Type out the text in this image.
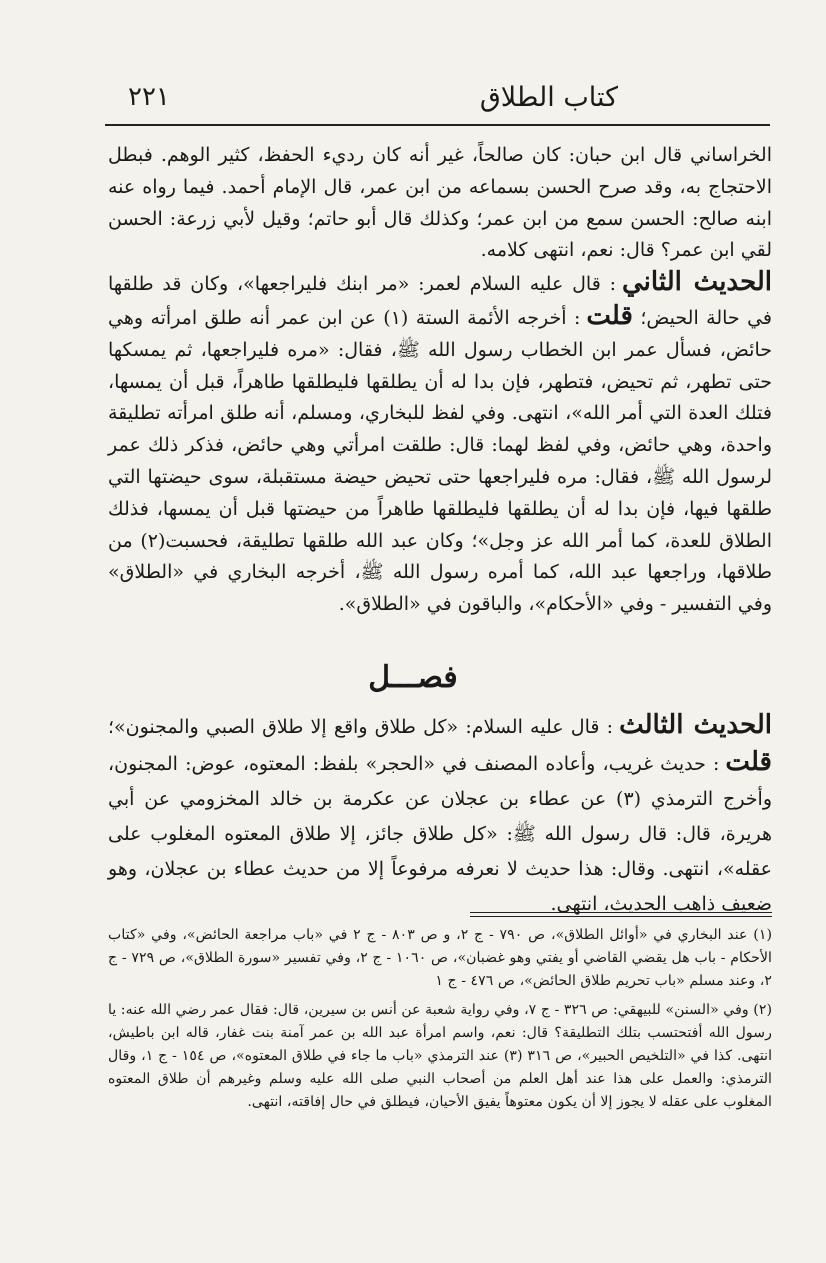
كتاب الطلاق
٢٢١

الخراساني قال ابن حبان: كان صالحاً، غير أنه كان رديء الحفظ، كثير الوهم. فبطل الاحتجاج به، وقد صرح الحسن بسماعه من ابن عمر، قال الإمام أحمد. فيما رواه عنه ابنه صالح: الحسن سمع من ابن عمر؛ وكذلك قال أبو حاتم؛ وقيل لأبي زرعة: الحسن لقي ابن عمر؟ قال: نعم، انتهى كلامه.

الحديث الثاني: قال عليه السلام لعمر: «مر ابنك فليراجعها»، وكان قد طلقها في حالة الحيض؛ قلت: أخرجه الأئمة الستة (١) عن ابن عمر أنه طلق امرأته وهي حائض، فسأل عمر ابن الخطاب رسول الله ﷺ، فقال: «مره فليراجعها، ثم يمسكها حتى تطهر، ثم تحيض، فتطهر، فإن بدا له أن يطلقها فليطلقها طاهراً، قبل أن يمسها، فتلك العدة التي أمر الله»، انتهى. وفي لفظ للبخاري، ومسلم، أنه طلق امرأته تطليقة واحدة، وهي حائض، وفي لفظ لهما: قال: طلقت امرأتي وهي حائض، فذكر ذلك عمر لرسول الله ﷺ، فقال: مره فليراجعها حتى تحيض حيضة مستقبلة، سوى حيضتها التي طلقها فيها، فإن بدا له أن يطلقها فليطلقها طاهراً من حيضتها قبل أن يمسها، فذلك الطلاق للعدة، كما أمر الله عز وجل»؛ وكان عبد الله طلقها تطليقة، فحسبت(٢) من طلاقها، وراجعها عبد الله، كما أمره رسول الله ﷺ، أخرجه البخاري في «الطلاق» وفي التفسير - وفي «الأحكام»، والباقون في «الطلاق».

فصـــل

الحديث الثالث: قال عليه السلام: «كل طلاق واقع إلا طلاق الصبي والمجنون»؛ قلت: حديث غريب، وأعاده المصنف في «الحجر» بلفظ: المعتوه، عوض: المجنون، وأخرج الترمذي (٣) عن عطاء بن عجلان عن عكرمة بن خالد المخزومي عن أبي هريرة، قال: قال رسول الله ﷺ: «كل طلاق جائز، إلا طلاق المعتوه المغلوب على عقله»، انتهى. وقال: هذا حديث لا نعرفه مرفوعاً إلا من حديث عطاء بن عجلان، وهو ضعيف ذاهب الحديث، انتهى.

(١) عند البخاري في «أوائل الطلاق»، ص ٧٩٠ - ج ٢، و ص ٨٠٣ - ج ٢ في «باب مراجعة الحائض»، وفي «كتاب الأحكام - باب هل يقضي القاضي أو يفتي وهو غضبان»، ص ١٠٦٠ - ج ٢، وفي تفسير «سورة الطلاق»، ص ٧٢٩ - ج ٢، وعند مسلم «باب تحريم طلاق الحائض»، ص ٤٧٦ - ج ١

(٢) وفي «السنن» للبيهقي: ص ٣٢٦ - ج ٧، وفي رواية شعبة عن أنس بن سيرين، قال: فقال عمر رضي الله عنه: يا رسول الله أفتحتسب بتلك التطليقة؟ قال: نعم، واسم امرأة عبد الله بن عمر آمنة بنت غفار، قاله ابن باطيش، انتهى. كذا في «التلخيص الحبير»، ص ٣١٦ (٣) عند الترمذي «باب ما جاء في طلاق المعتوه»، ص ١٥٤ - ج ١، وقال الترمذي: والعمل على هذا عند أهل العلم من أصحاب النبي صلى الله عليه وسلم وغيرهم أن طلاق المعتوه المغلوب على عقله لا يجوز إلا أن يكون معتوهاً يفيق الأحيان، فيطلق في حال إفاقته، انتهى.
